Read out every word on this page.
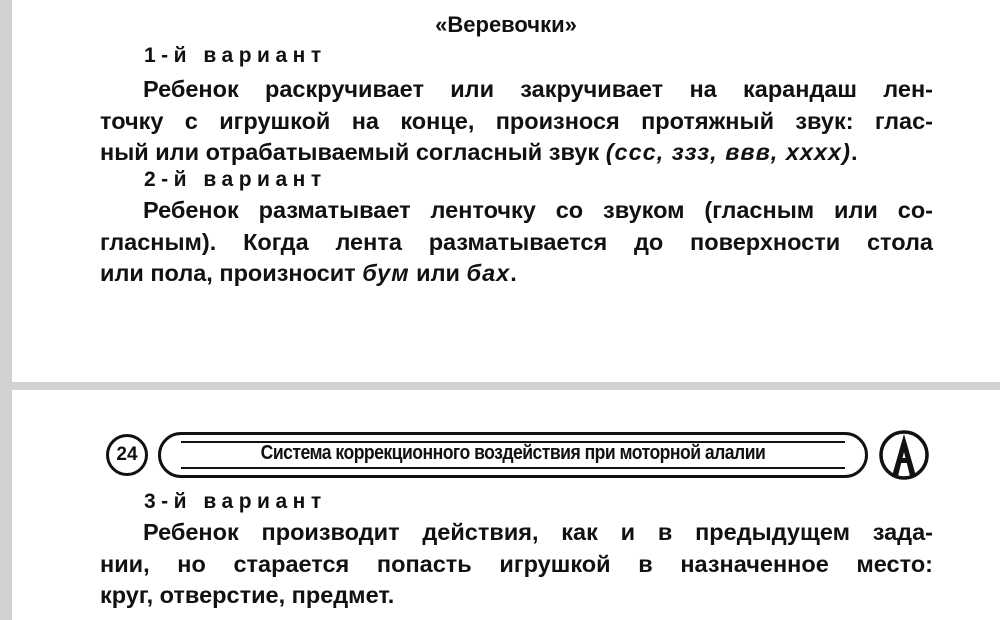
«Веревочки»
1-й вариант
Ребенок раскручивает или закручивает на карандаш лен-
точку с игрушкой на конце, произнося протяжный звук: глас-
ный или отрабатываемый согласный звук (ссс, ззз, ввв, хххх).
2-й вариант
Ребенок разматывает ленточку со звуком (гласным или со-
гласным). Когда лента разматывается до поверхности стола
или пола, произносит бум или бах.
24	Система коррекционного воздействия при моторной алалии
3-й вариант
Ребенок производит действия, как и в предыдущем зада-
нии, но старается попасть игрушкой в назначенное место:
круг, отверстие, предмет.
